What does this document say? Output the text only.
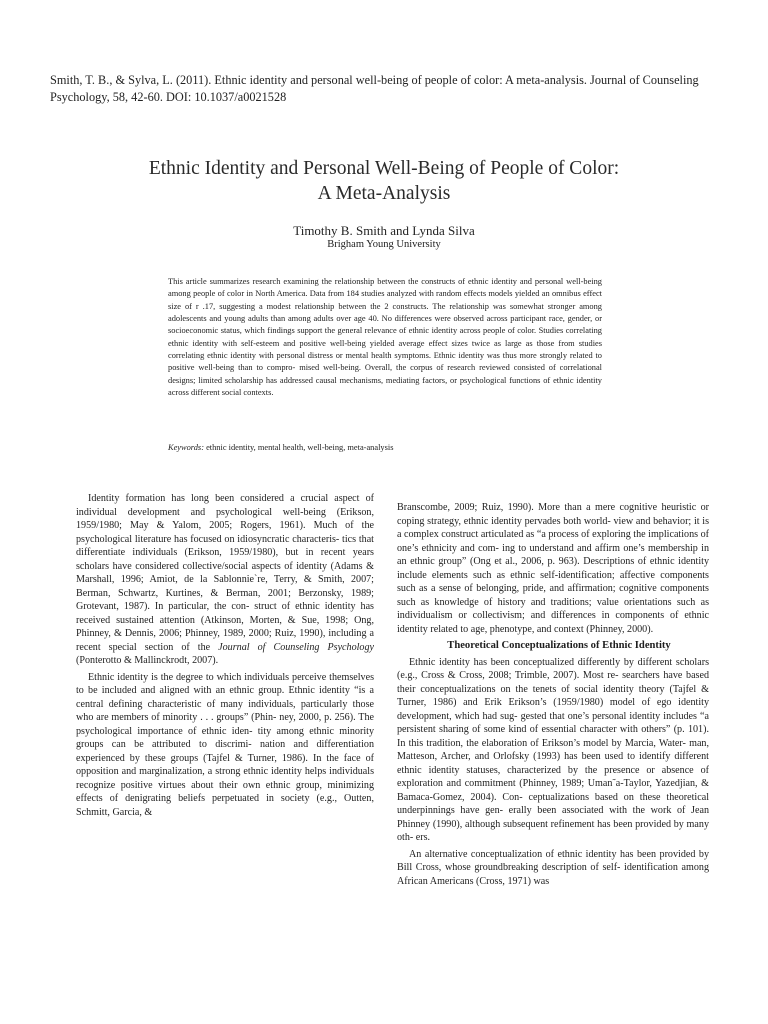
Smith, T. B., & Sylva, L. (2011). Ethnic identity and personal well-being of people of color: A meta-analysis. Journal of Counseling Psychology, 58, 42-60. DOI: 10.1037/a0021528
Ethnic Identity and Personal Well-Being of People of Color:
A Meta-Analysis
Timothy B. Smith and Lynda Silva
Brigham Young University
This article summarizes research examining the relationship between the constructs of ethnic identity and personal well-being among people of color in North America. Data from 184 studies analyzed with random effects models yielded an omnibus effect size of r .17, suggesting a modest relationship between the 2 constructs. The relationship was somewhat stronger among adolescents and young adults than among adults over age 40. No differences were observed across participant race, gender, or socioeconomic status, which findings support the general relevance of ethnic identity across people of color. Studies correlating ethnic identity with self-esteem and positive well-being yielded average effect sizes twice as large as those from studies correlating ethnic identity with personal distress or mental health symptoms. Ethnic identity was thus more strongly related to positive well-being than to compro- mised well-being. Overall, the corpus of research reviewed consisted of correlational designs; limited scholarship has addressed causal mechanisms, mediating factors, or psychological functions of ethnic identity across different social contexts.
Keywords: ethnic identity, mental health, well-being, meta-analysis

Identity formation has long been considered a crucial aspect of individual development and psychological well-being (Erikson, 1959/1980; May & Yalom, 2005; Rogers, 1961). Much of the psychological literature has focused on idiosyncratic characteris- tics that differentiate individuals (Erikson, 1959/1980), but in recent years scholars have considered collective/social aspects of identity (Adams & Marshall, 1996; Amiot, de la Sablonnie`re, Terry, & Smith, 2007; Berman, Schwartz, Kurtines, & Berman, 2001; Berzonsky, 1989; Grotevant, 1987). In particular, the con- struct of ethnic identity has received sustained attention (Atkinson, Morten, & Sue, 1998; Ong, Phinney, & Dennis, 2006; Phinney, 1989, 2000; Ruiz, 1990), including a recent special section of the Journal of Counseling Psychology (Ponterotto & Mallinckrodt, 2007).

Ethnic identity is the degree to which individuals perceive themselves to be included and aligned with an ethnic group. Ethnic identity “is a central defining characteristic of many individuals, particularly those who are members of minority . . . groups” (Phin- ney, 2000, p. 256). The psychological importance of ethnic iden- tity among ethnic minority groups can be attributed to discrimi- nation and differentiation experienced by these groups (Tajfel & Turner, 1986). In the face of opposition and marginalization, a strong ethnic identity helps individuals recognize positive virtues about their own ethnic group, minimizing effects of denigrating beliefs perpetuated in society (e.g., Outten, Schmitt, Garcia, &

Branscombe, 2009; Ruiz, 1990). More than a mere cognitive heuristic or coping strategy, ethnic identity pervades both world- view and behavior; it is a complex construct articulated as “a process of exploring the implications of one’s ethnicity and com- ing to understand and affirm one’s membership in an ethnic group” (Ong et al., 2006, p. 963). Descriptions of ethnic identity include elements such as ethnic self-identification; affective components such as a sense of belonging, pride, and affirmation; cognitive components such as knowledge of history and traditions; value orientations such as individualism or collectivism; and differences in components of ethnic identity related to age, phenotype, and context (Phinney, 2000).

Theoretical Conceptualizations of Ethnic Identity

Ethnic identity has been conceptualized differently by different scholars (e.g., Cross & Cross, 2008; Trimble, 2007). Most re- searchers have based their conceptualizations on the tenets of social identity theory (Tajfel & Turner, 1986) and Erik Erikson’s (1959/1980) model of ego identity development, which had sug- gested that one’s personal identity includes “a persistent sharing of some kind of essential character with others” (p. 101). In this tradition, the elaboration of Erikson’s model by Marcia, Water- man, Matteson, Archer, and Orlofsky (1993) has been used to identify different ethnic identity statuses, characterized by the presence or absence of exploration and commitment (Phinney, 1989; Uman˜a-Taylor, Yazedjian, & Bamaca-Gomez, 2004). Con- ceptualizations based on these theoretical underpinnings have gen- erally been associated with the work of Jean Phinney (1990), although subsequent refinement has been provided by many oth- ers.

An alternative conceptualization of ethnic identity has been provided by Bill Cross, whose groundbreaking description of self- identification among African Americans (Cross, 1971) was
